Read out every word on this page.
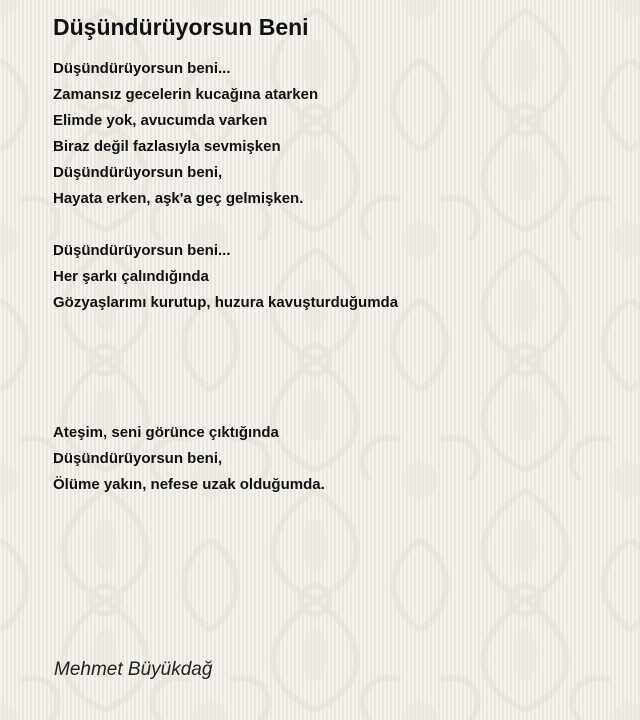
Düşündürüyorsun Beni
Düşündürüyorsun beni...
Zamansız gecelerin kucağına atarken
Elimde yok, avucumda varken
Biraz değil fazlasıyla sevmişken
Düşündürüyorsun beni,
Hayata erken, aşk'a geç gelmişken.
Düşündürüyorsun beni...
Her şarkı çalındığında
Gözyaşlarımı kurutup, huzura kavuşturduğumda
Ateşim, seni görünce çıktığında
Düşündürüyorsun beni,
Ölüme yakın, nefese uzak olduğumda.
Mehmet Büyükdağ
